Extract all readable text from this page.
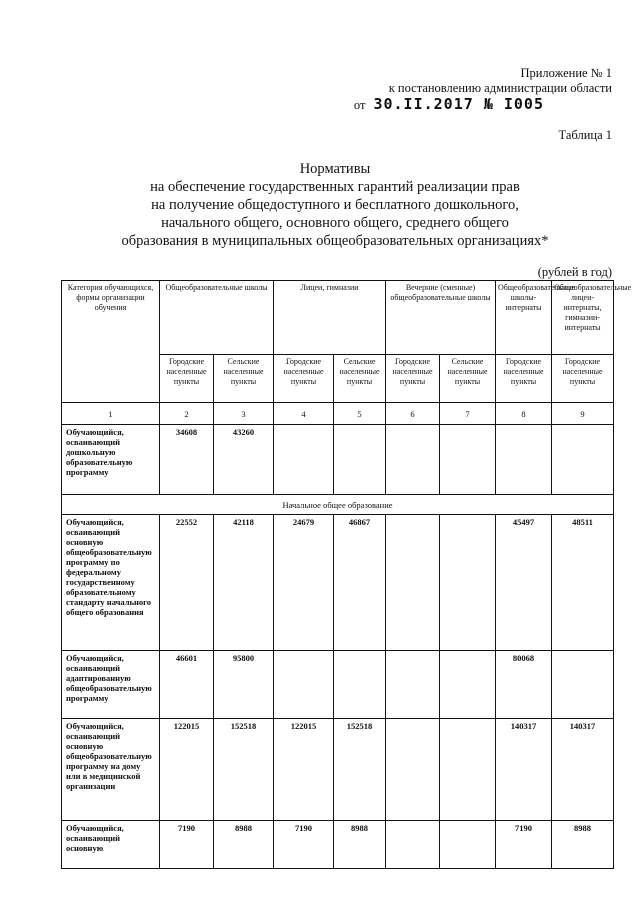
Приложение № 1
к постановлению администрации области
от 30.II.2017 № I005
Таблица 1
Нормативы
на обеспечение государственных гарантий реализации прав
на получение общедоступного и бесплатного дошкольного,
начального общего, основного общего, среднего общего
образования в муниципальных общеобразовательных организациях*
(рублей в год)
Категория обучающихся, формы организации обучения	Общеобразовательные школы		Лицеи, гимназии		Вечерние (сменные) общеобразовательные школы		Общеобразовательные школы-интернаты	Общеобразовательные лицеи-интернаты, гимназии-интернаты
	Городские населенные пункты	Сельские населенные пункты	Городские населенные пункты	Сельские населенные пункты	Городские населенные пункты	Сельские населенные пункты	Городские населенные пункты	Городские населенные пункты
1	2	3	4	5	6	7	8	9
Обучающийся, осваивающий дошкольную образовательную программу	34608	43260						
Начальное общее образование								
Обучающийся, осваивающий основную общеобразовательную программу по федеральному государственному образовательному стандарту начального общего образования	22552	42118	24679	46867			45497	48511
Обучающийся, осваивающий адаптированную общеобразовательную программу	46601	95800					80068	
Обучающийся, осваивающий основную общеобразовательную программу на дому или в медицинской организации	122015	152518	122015	152518			140317	140317
Обучающийся, осваивающий основную	7190	8988	7190	8988			7190	8988
